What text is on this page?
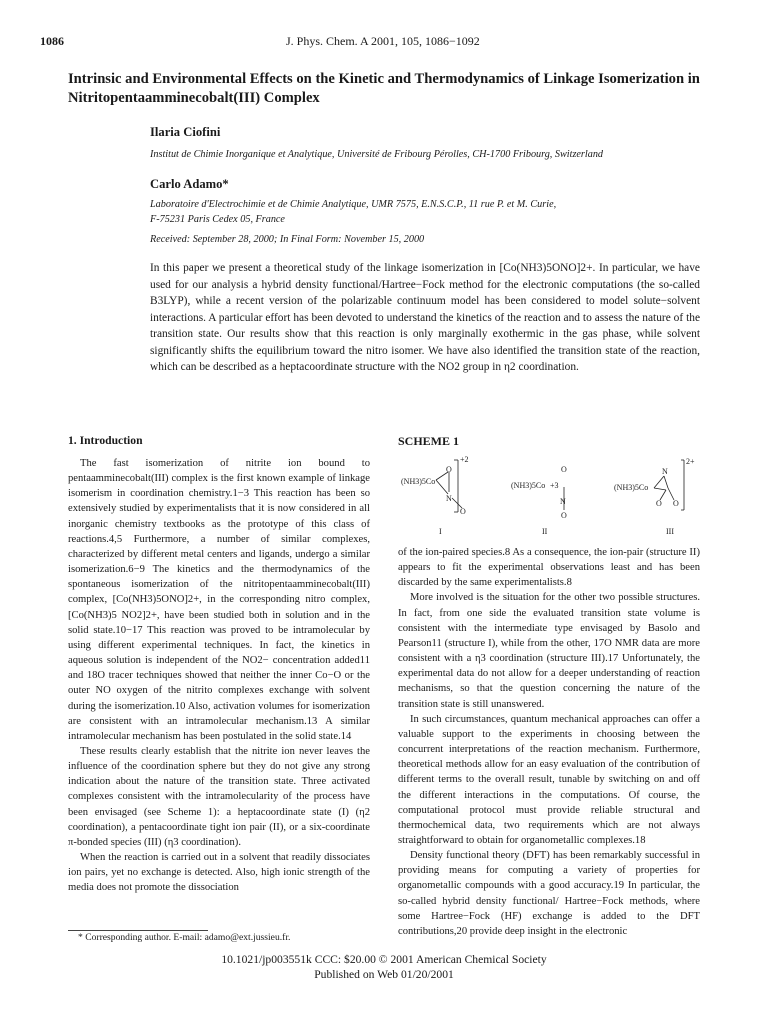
1086	J. Phys. Chem. A 2001, 105, 1086−1092
Intrinsic and Environmental Effects on the Kinetic and Thermodynamics of Linkage Isomerization in Nitritopentaamminecobalt(III) Complex
Ilaria Ciofini
Institut de Chimie Inorganique et Analytique, Université de Fribourg Pérolles, CH-1700 Fribourg, Switzerland
Carlo Adamo*
Laboratoire d'Electrochimie et de Chimie Analytique, UMR 7575, E.N.S.C.P., 11 rue P. et M. Curie,
F-75231 Paris Cedex 05, France
Received: September 28, 2000; In Final Form: November 15, 2000
In this paper we present a theoretical study of the linkage isomerization in [Co(NH3)5ONO]2+. In particular, we have used for our analysis a hybrid density functional/Hartree−Fock method for the electronic computations (the so-called B3LYP), while a recent version of the polarizable continuum model has been considered to model solute−solvent interactions. A particular effort has been devoted to understand the kinetics of the reaction and to assess the nature of the transition state. Our results show that this reaction is only marginally exothermic in the gas phase, while solvent significantly shifts the equilibrium toward the nitro isomer. We have also identified the transition state of the reaction, which can be described as a heptacoordinate structure with the NO2 group in η2 coordination.
1. Introduction

The fast isomerization of nitrite ion bound to pentaamminecobalt(III) complex is the first known example of linkage isomerism in coordination chemistry.1−3 This reaction has been so extensively studied by experimentalists that it is now considered in all inorganic chemistry textbooks as the prototype of this class of reactions.4,5 Furthermore, a number of similar complexes, characterized by different metal centers and ligands, undergo a similar isomerization.6−9 The kinetics and the thermodynamics of the spontaneous isomerization of the nitritopentaamminecobalt(III) complex, [Co(NH3)5ONO]2+, in the corresponding nitro complex, [Co(NH3)5 NO2]2+, have been studied both in solution and in the solid state.10−17 This reaction was proved to be intramolecular by using different experimental techniques. In fact, the kinetics in aqueous solution is independent of the NO2− concentration added11 and 18O tracer techniques showed that neither the inner Co−O or the outer NO oxygen of the nitrito complexes exchange with solvent during the isomerization.10 Also, activation volumes for isomerization are consistent with an intramolecular mechanism.13 A similar intramolecular mechanism has been postulated in the solid state.14

These results clearly establish that the nitrite ion never leaves the influence of the coordination sphere but they do not give any strong indication about the nature of the transition state. Three activated complexes consistent with the intramolecularity of the process have been envisaged (see Scheme 1): a heptacoordinate state (I) (η2 coordination), a pentacoordinate tight ion pair (II), or a six-coordinate π-bonded species (III) (η3 coordination).

When the reaction is carried out in a solvent that readily dissociates ion pairs, yet no exchange is detected. Also, high ionic strength of the media does not promote the dissociation

SCHEME 1
(NH3)5Co
O
N
O
+2
I
(NH3)5Co +3
O
N
O
II
(NH3)5Co
N
O O
2+
III

of the ion-paired species.8 As a consequence, the ion-pair (structure II) appears to fit the experimental observations least and has been discarded by the same experimentalists.8

More involved is the situation for the other two possible structures. In fact, from one side the evaluated transition state volume is consistent with the intermediate type envisaged by Basolo and Pearson11 (structure I), while from the other, 17O NMR data are more consistent with a η3 coordination (structure III).17 Unfortunately, the experimental data do not allow for a deeper understanding of reaction mechanisms, so that the question concerning the nature of the transition state is still unanswered.

In such circumstances, quantum mechanical approaches can offer a valuable support to the experiments in choosing between the concurrent interpretations of the reaction mechanism. Furthermore, theoretical methods allow for an easy evaluation of the contribution of different terms to the overall result, tunable by switching on and off the different interactions in the computations. Of course, the computational protocol must provide reliable structural and thermochemical data, two requirements which are not always straightforward to obtain for organometallic complexes.18

Density functional theory (DFT) has been remarkably successful in providing means for computing a variety of properties for organometallic compounds with a good accuracy.19 In particular, the so-called hybrid density functional/ Hartree−Fock methods, where some Hartree−Fock (HF) exchange is added to the DFT contributions,20 provide deep insight in the electronic

* Corresponding author. E-mail: adamo@ext.jussieu.fr.
10.1021/jp003551k CCC: $20.00 © 2001 American Chemical Society
Published on Web 01/20/2001
